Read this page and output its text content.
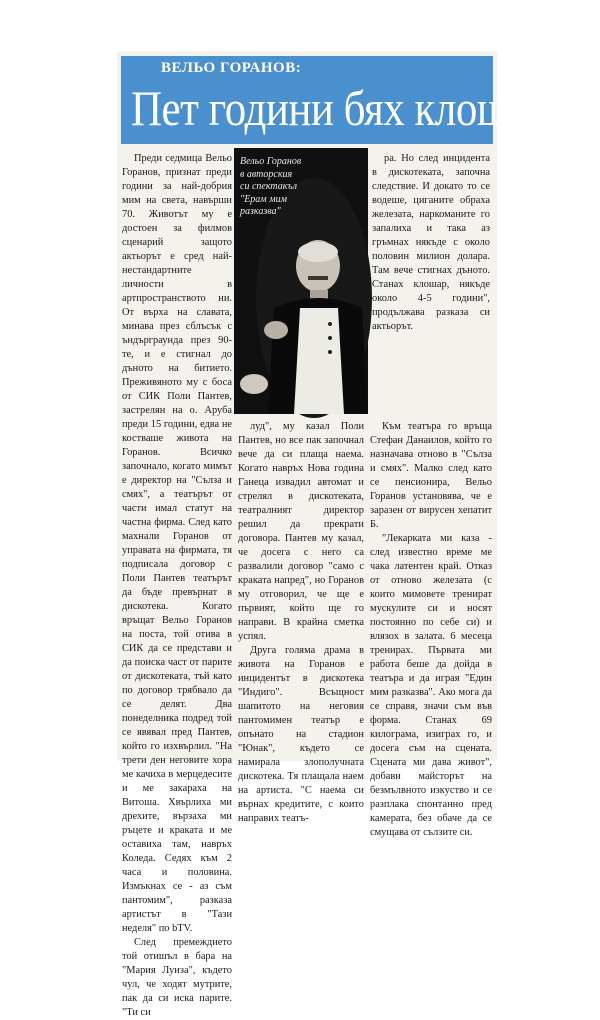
ВЕЛЬО ГОРАНОВ:
Пет години бях клошар

Преди седмица Вельо Горанов, признат преди години за най-добрия мим на света, навърши 70. Животът му е достоен за филмов сценарий защото актьорът е сред най-нестандартните личности в артпространството ни. От върха на славата, минава през сблъсък с ъндърграунда през 90-те, и е стигнал до дъното на битието. Преживяното му с боса от СИК Поли Пантев, застрелян на о. Аруба преди 15 години, едва не костваше живота на Горанов. Всичко започнало, когато мимът е директор на "Сълза и смях", а театърът от части имал статут на частна фирма. След като махнали Горанов от управата на фирмата, тя подписала договор с Поли Пантев театърът да бъде превърнат в дискотека. Когато връщат Вельо Горанов на поста, той отива в СИК да се представи и да поиска част от парите от дискотеката, тъй като по договор трябвало да се делят. Два понеделника подред той се явявал пред Пантев, който го изхвърлил. "На трети ден неговите хора ме качиха в мерцедесите и ме закараха на Витоша. Хвърлиха ми дрехите, вързаха ми ръцете и краката и ме оставиха там, навръх Коледа. Седях към 2 часа и половина. Измъкнах се - аз съм пантомим", разказа артистът в "Тази неделя" по bTV.

След премеждието той отишъл в бара на "Мария Луиза", където чул, че ходят мутрите, пак да си иска парите. "Ти си

Вельо Горанов в авторския си спектакъл "Ерам мим разказва"

ра. Но след инцидента в дискотеката, започна следствие. И докато то се водеше, циганите обраха железата, наркоманите го запалиха и така аз гръмнах някъде с около половин милион долара. Там вече стигнах дъното. Станах клошар, някъде около 4-5 години", продължава разказа си актьорът.

луд", му казал Поли Пантев, но все пак започнал вече да си плаща наема. Когато навръх Нова година Ганеца извадил автомат и стрелял в дискотеката, театралният директор решил да прекрати договора. Пантев му казал, че досега с него са развалили договор "само с краката напред", но Горанов му отговорил, че ще е първият, който ще го направи. В крайна сметка успял.

Друга голяма драма в живота на Горанов е инцидентът в дискотека "Индиго". Всъщност шапитото на неговия пантомимен театър е опънато на стадион "Юнак", където се намирала злополучната дискотека. Тя плащала наем на артиста. "С наема си върнах кредитите, с които направих театъ-

Към театъра го връща Стефан Данаилов, който го назначава отново в "Сълза и смях". Малко след като се пенсионира, Вельо Горанов установява, че е заразен от вирусен хепатит Б.

"Лекарката ми каза - след известно време ме чака латентен край. Отказ от отново железата (с които мимовете тренират мускулите си и носят постоянно по себе си) и влязох в залата. 6 месеца тренирах. Първата ми работа беше да дойда в театъра и да играя "Един мим разказва". Ако мога да се справя, значи съм във форма. Станах 69 килограма, изиграх го, и досега съм на сцената. Сцената ми дава живот", добави майсторът на безмълвното изкуство и се разплака спонтанно пред камерата, без обаче да се смущава от сълзите си.
